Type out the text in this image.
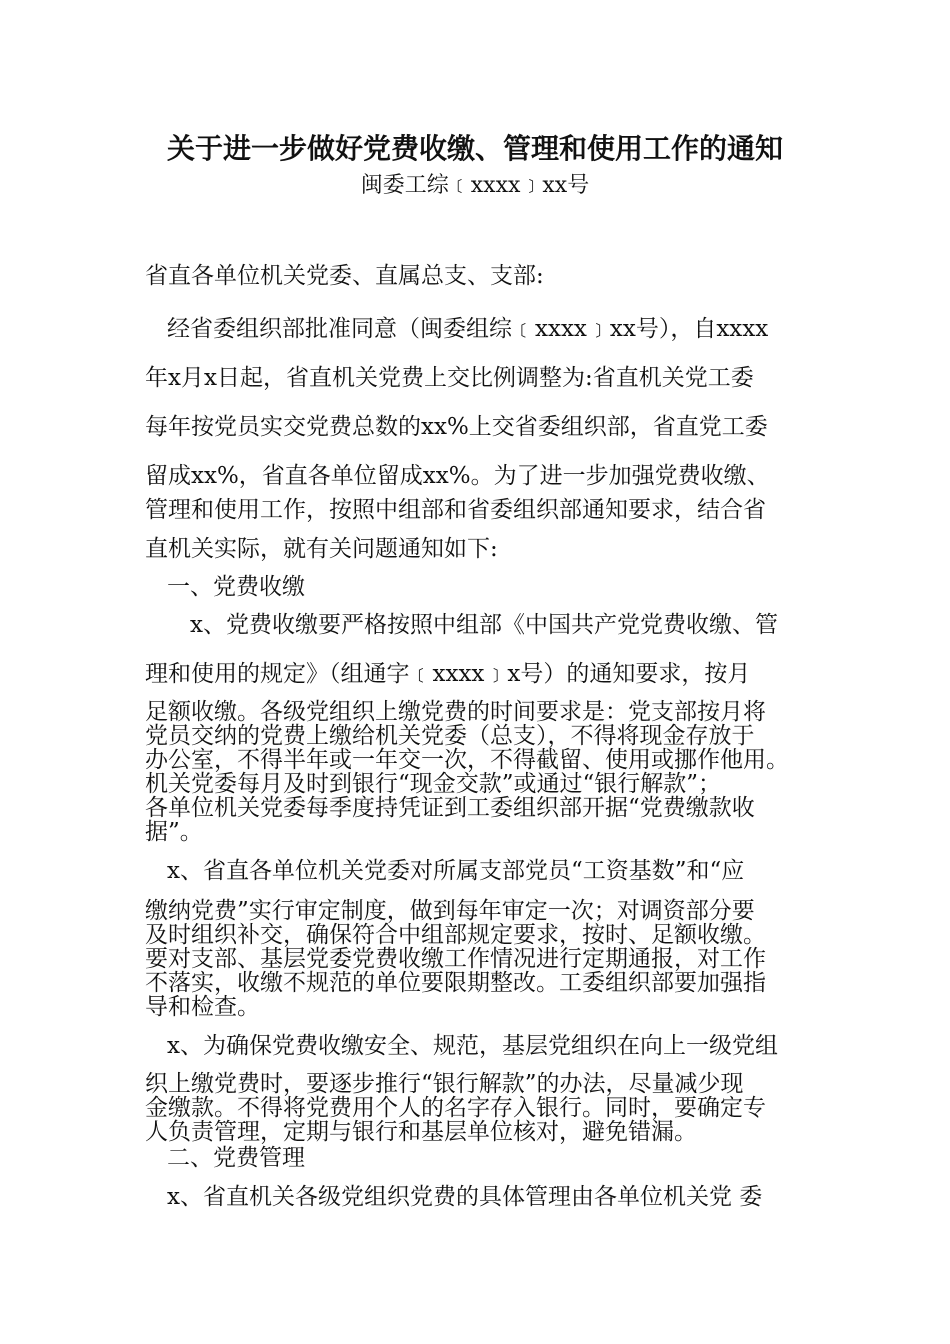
关于进一步做好党费收缴、管理和使用工作的通知
闽委工综﹝xxxx﹞xx号
省直各单位机关党委、直属总支、支部:
经省委组织部批准同意（闽委组综﹝xxxx﹞xx号），自xxxx
年x月x日起，省直机关党费上交比例调整为:省直机关党工委
每年按党员实交党费总数的xx%上交省委组织部，省直党工委
留成xx%，省直各单位留成xx%。为了进一步加强党费收缴、
管理和使用工作，按照中组部和省委组织部通知要求，结合省
直机关实际，就有关问题通知如下:
一、党费收缴
x、党费收缴要严格按照中组部《中国共产党党费收缴、管
理和使用的规定》（组通字﹝xxxx﹞x号）的通知要求，按月
足额收缴。各级党组织上缴党费的时间要求是：党支部按月将
党员交纳的党费上缴给机关党委（总支），不得将现金存放于
办公室，不得半年或一年交一次，不得截留、使用或挪作他用。
机关党委每月及时到银行“现金交款”或通过“银行解款”；
各单位机关党委每季度持凭证到工委组织部开据“党费缴款收
据”。
x、省直各单位机关党委对所属支部党员“工资基数”和“应
缴纳党费”实行审定制度，做到每年审定一次；对调资部分要
及时组织补交，确保符合中组部规定要求，按时、足额收缴。
要对支部、基层党委党费收缴工作情况进行定期通报，对工作
不落实，收缴不规范的单位要限期整改。工委组织部要加强指
导和检查。
x、为确保党费收缴安全、规范，基层党组织在向上一级党组
织上缴党费时，要逐步推行“银行解款”的办法，尽量减少现
金缴款。不得将党费用个人的名字存入银行。同时，要确定专
人负责管理，定期与银行和基层单位核对，避免错漏。
二、党费管理
x、省直机关各级党组织党费的具体管理由各单位机关党 委
